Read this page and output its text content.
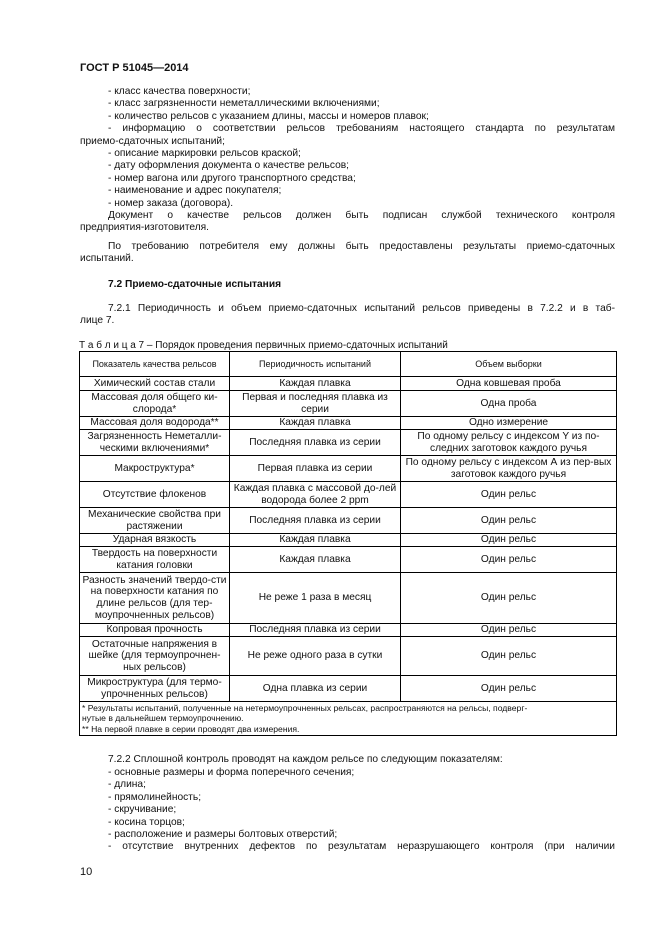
ГОСТ Р 51045—2014
- класс качества поверхности;
- класс загрязненности неметаллическими включениями;
- количество рельсов с указанием длины, массы и номеров плавок;
- информацию о соответствии рельсов требованиям настоящего стандарта по результатам
приемо-сдаточных испытаний;
- описание маркировки рельсов краской;
- дату оформления документа о качестве рельсов;
- номер вагона или другого транспортного средства;
- наименование и адрес покупателя;
- номер заказа (договора).
Документ о качестве рельсов должен быть подписан службой технического контроля
предприятия-изготовителя.
По требованию потребителя ему должны быть предоставлены результаты приемо-сдаточных
испытаний.
7.2 Приемо-сдаточные испытания
7.2.1 Периодичность и объем приемо-сдаточных испытаний рельсов приведены в 7.2.2 и в таб-
лице 7.
Т а б л и ц а 7 – Порядок проведения первичных приемо-сдаточных испытаний
Показатель качества рельсов	Периодичность испытаний	Объем выборки
Химический состав стали	Каждая плавка	Одна ковшевая проба
Массовая доля общего ки-слорода*	Первая и последняя плавка из серии	Одна проба
Массовая доля водорода**	Каждая плавка	Одно измерение
Загрязненность Неметалли-ческими включениями*	Последняя плавка из серии	По одному рельсу с индексом Y из по-следних заготовок каждого ручья
Макроструктура*	Первая плавка из серии	По одному рельсу с индексом А из пер-вых заготовок каждого ручья
Отсутствие флокенов	Каждая плавка с массовой до-лей водорода более 2 ppm	Один рельс
Механические свойства при растяжении	Последняя плавка из серии	Один рельс
Ударная вязкость	Каждая плавка	Один рельс
Твердость на поверхности катания головки	Каждая плавка	Один рельс
Разность значений твердо-сти на поверхности катания по длине рельсов (для тер-моупрочненных рельсов)	Не реже 1 раза в месяц	Один рельс
Копровая прочность	Последняя плавка из серии	Один рельс
Остаточные напряжения в шейке (для термоупрочнен-ных рельсов)	Не реже одного раза в сутки	Один рельс
Микроструктура (для термо-упрочненных рельсов)	Одна плавка из серии	Один рельс

* Результаты испытаний, полученные на нетермоупрочненных рельсах, распространяются на рельсы, подверг-
нутые в дальнейшем термоупрочнению.
** На первой плавке в серии проводят два измерения.		
7.2.2 Сплошной контроль проводят на каждом рельсе по следующим показателям:
- основные размеры и форма поперечного сечения;
- длина;
- прямолинейность;
- скручивание;
- косина торцов;
- расположение и размеры болтовых отверстий;
- отсутствие внутренних дефектов по результатам неразрушающего контроля (при наличии
10
